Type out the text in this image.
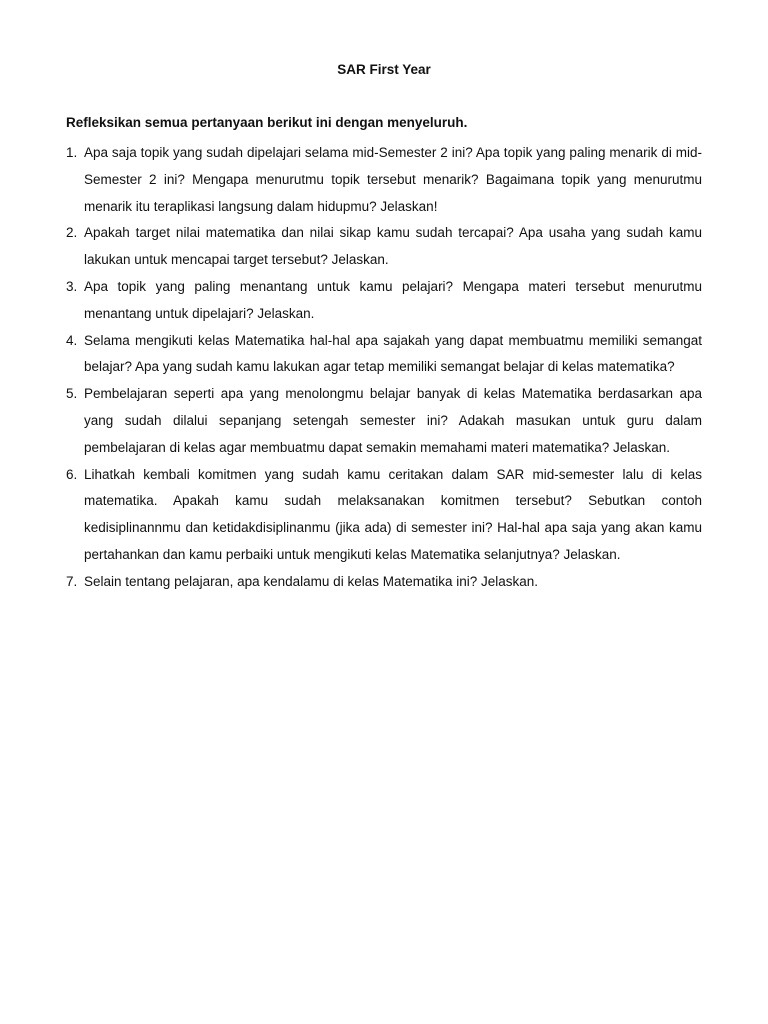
SAR First Year
Refleksikan semua pertanyaan berikut ini dengan menyeluruh.
1. Apa saja topik yang sudah dipelajari selama mid-Semester 2 ini? Apa topik yang paling menarik di mid-Semester 2 ini? Mengapa menurutmu topik tersebut menarik? Bagaimana topik yang menurutmu menarik itu teraplikasi langsung dalam hidupmu? Jelaskan!
2. Apakah target nilai matematika dan nilai sikap kamu sudah tercapai? Apa usaha yang sudah kamu lakukan untuk mencapai target tersebut? Jelaskan.
3. Apa topik yang paling menantang untuk kamu pelajari? Mengapa materi tersebut menurutmu menantang untuk dipelajari? Jelaskan.
4. Selama mengikuti kelas Matematika hal-hal apa sajakah yang dapat membuatmu memiliki semangat belajar? Apa yang sudah kamu lakukan agar tetap memiliki semangat belajar di kelas matematika?
5. Pembelajaran seperti apa yang menolongmu belajar banyak di kelas Matematika berdasarkan apa yang sudah dilalui sepanjang setengah semester ini? Adakah masukan untuk guru dalam pembelajaran di kelas agar membuatmu dapat semakin memahami materi matematika? Jelaskan.
6. Lihatkah kembali komitmen yang sudah kamu ceritakan dalam SAR mid-semester lalu di kelas matematika. Apakah kamu sudah melaksanakan komitmen tersebut? Sebutkan contoh kedisiplinannmu dan ketidakdisiplinanmu (jika ada) di semester ini? Hal-hal apa saja yang akan kamu pertahankan dan kamu perbaiki untuk mengikuti kelas Matematika selanjutnya? Jelaskan.
7. Selain tentang pelajaran, apa kendalamu di kelas Matematika ini? Jelaskan.
